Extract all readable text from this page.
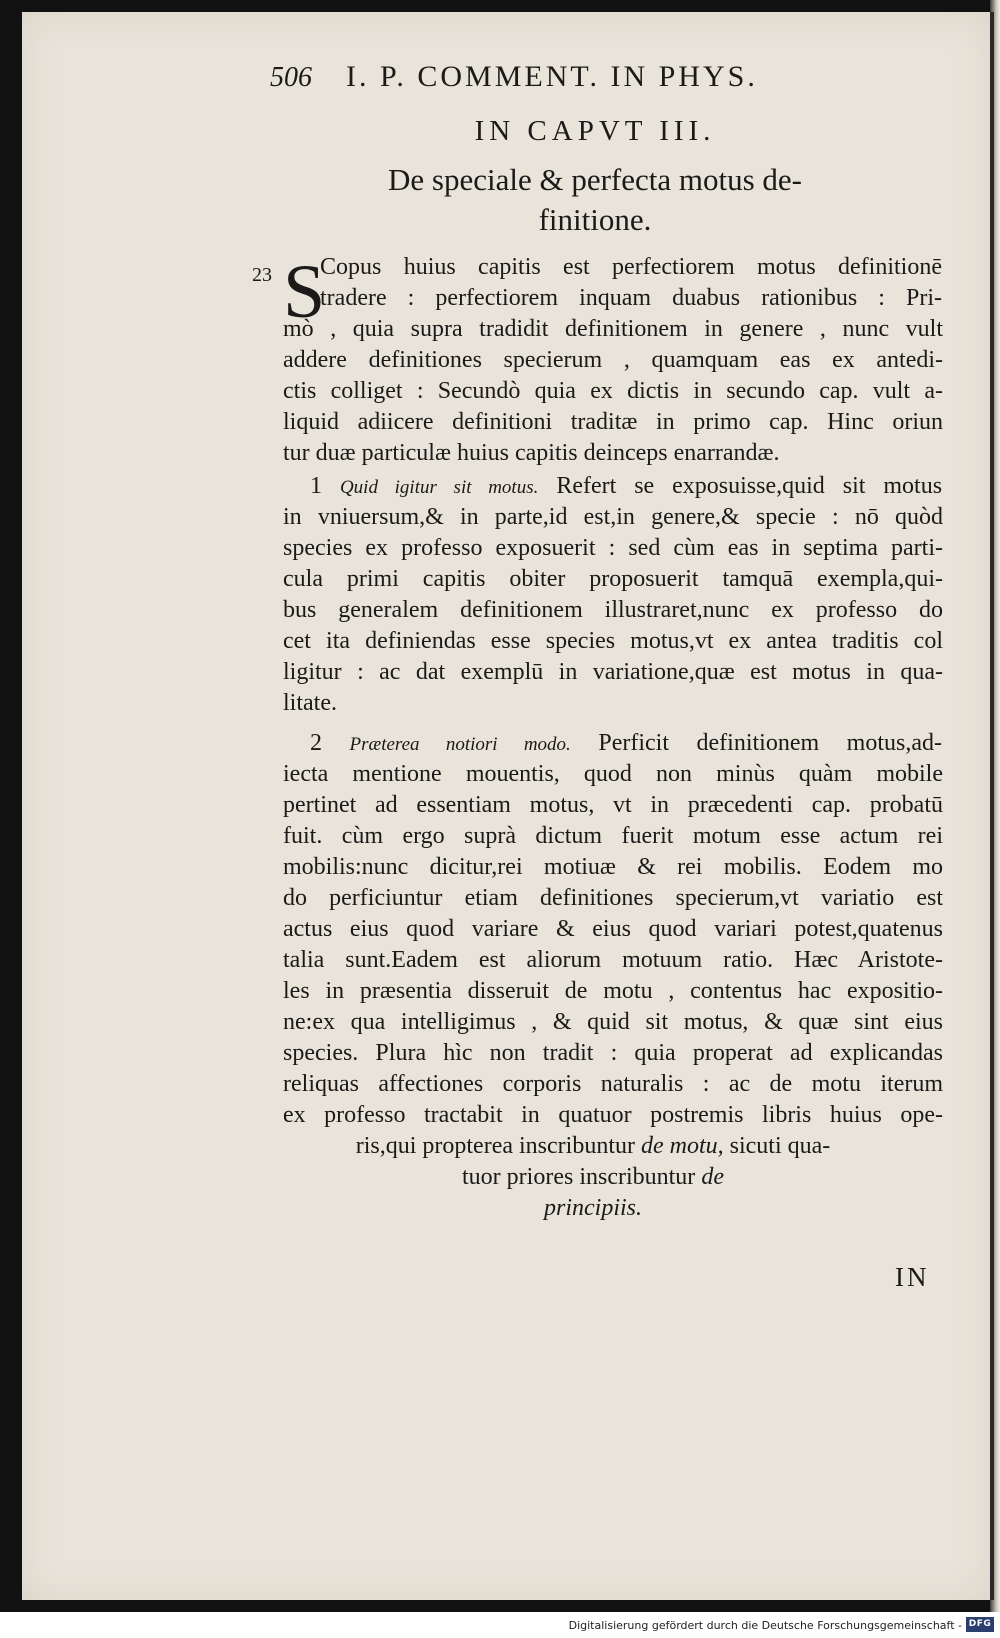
506 I. P. COMMENT. IN PHYS.
IN CAPVT III.
De speciale & perfecta motus de-
finitione.
23 S
Copus huius capitis est perfectiorem motus definitionē
tradere : perfectiorem inquam duabus rationibus : Pri-
mò , quia supra tradidit definitionem in genere , nunc vult
addere definitiones specierum , quamquam eas ex antedi-
ctis colliget : Secundò quia ex dictis in secundo cap. vult a-
liquid adiicere definitioni traditæ in primo cap. Hinc oriun
tur duæ particulæ huius capitis deinceps enarrandæ.
1 Quid igitur sit motus. Refert se exposuisse,quid sit motus
in vniuersum,& in parte,id est,in genere,& specie : nō quòd
species ex professo exposuerit : sed cùm eas in septima parti-
cula primi capitis obiter proposuerit tamquā exempla,qui-
bus generalem definitionem illustraret,nunc ex professo do
cet ita definiendas esse species motus,vt ex antea traditis col
ligitur : ac dat exemplū in variatione,quæ est motus in qua-
litate.
2 Præterea notiori modo. Perficit definitionem motus,ad-
iecta mentione mouentis, quod non minùs quàm mobile
pertinet ad essentiam motus, vt in præcedenti cap. probatū
fuit. cùm ergo suprà dictum fuerit motum esse actum rei
mobilis:nunc dicitur,rei motiuæ & rei mobilis. Eodem mo
do perficiuntur etiam definitiones specierum,vt variatio est
actus eius quod variare & eius quod variari potest,quatenus
talia sunt.Eadem est aliorum motuum ratio. Hæc Aristote-
les in præsentia disseruit de motu , contentus hac expositio-
ne:ex qua intelligimus , & quid sit motus, & quæ sint eius
species. Plura hìc non tradit : quia properat ad explicandas
reliquas affectiones corporis naturalis : ac de motu iterum
ex professo tractabit in quatuor postremis libris huius ope-
ris,qui propterea inscribuntur de motu, sicuti qua-
tuor priores inscribuntur de
principiis.
IN
Digitalisierung gefördert durch die Deutsche Forschungsgemeinschaft - DFG
